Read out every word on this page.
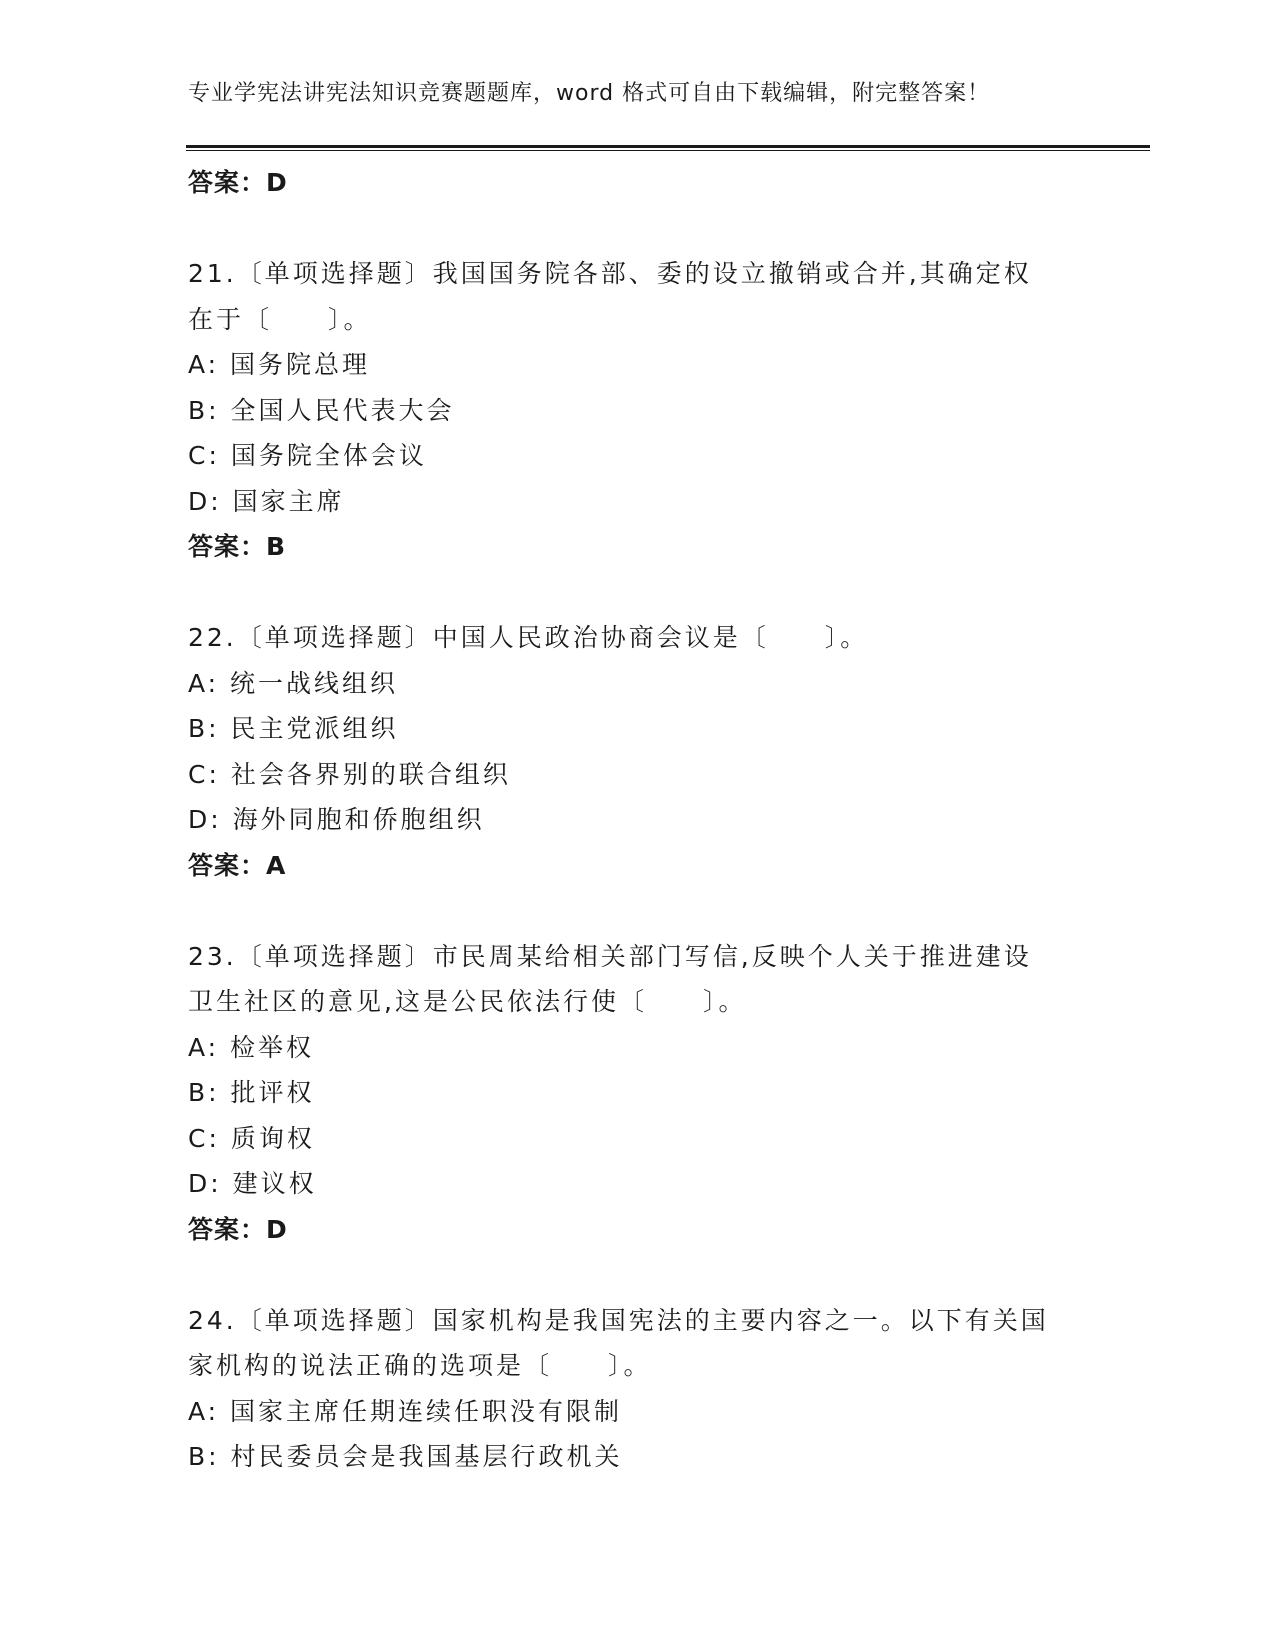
专业学宪法讲宪法知识竞赛题题库，word 格式可自由下载编辑，附完整答案！
答案：D
21.〔单项选择题〕我国国务院各部、委的设立撤销或合并,其确定权
在于〔　　〕。
A: 国务院总理
B: 全国人民代表大会
C: 国务院全体会议
D: 国家主席
答案：B
22.〔单项选择题〕中国人民政治协商会议是〔　　〕。
A: 统一战线组织
B: 民主党派组织
C: 社会各界别的联合组织
D: 海外同胞和侨胞组织
答案：A
23.〔单项选择题〕市民周某给相关部门写信,反映个人关于推进建设
卫生社区的意见,这是公民依法行使〔　　〕。
A: 检举权
B: 批评权
C: 质询权
D: 建议权
答案：D
24.〔单项选择题〕国家机构是我国宪法的主要内容之一。以下有关国
家机构的说法正确的选项是〔　　〕。
A: 国家主席任期连续任职没有限制
B: 村民委员会是我国基层行政机关
